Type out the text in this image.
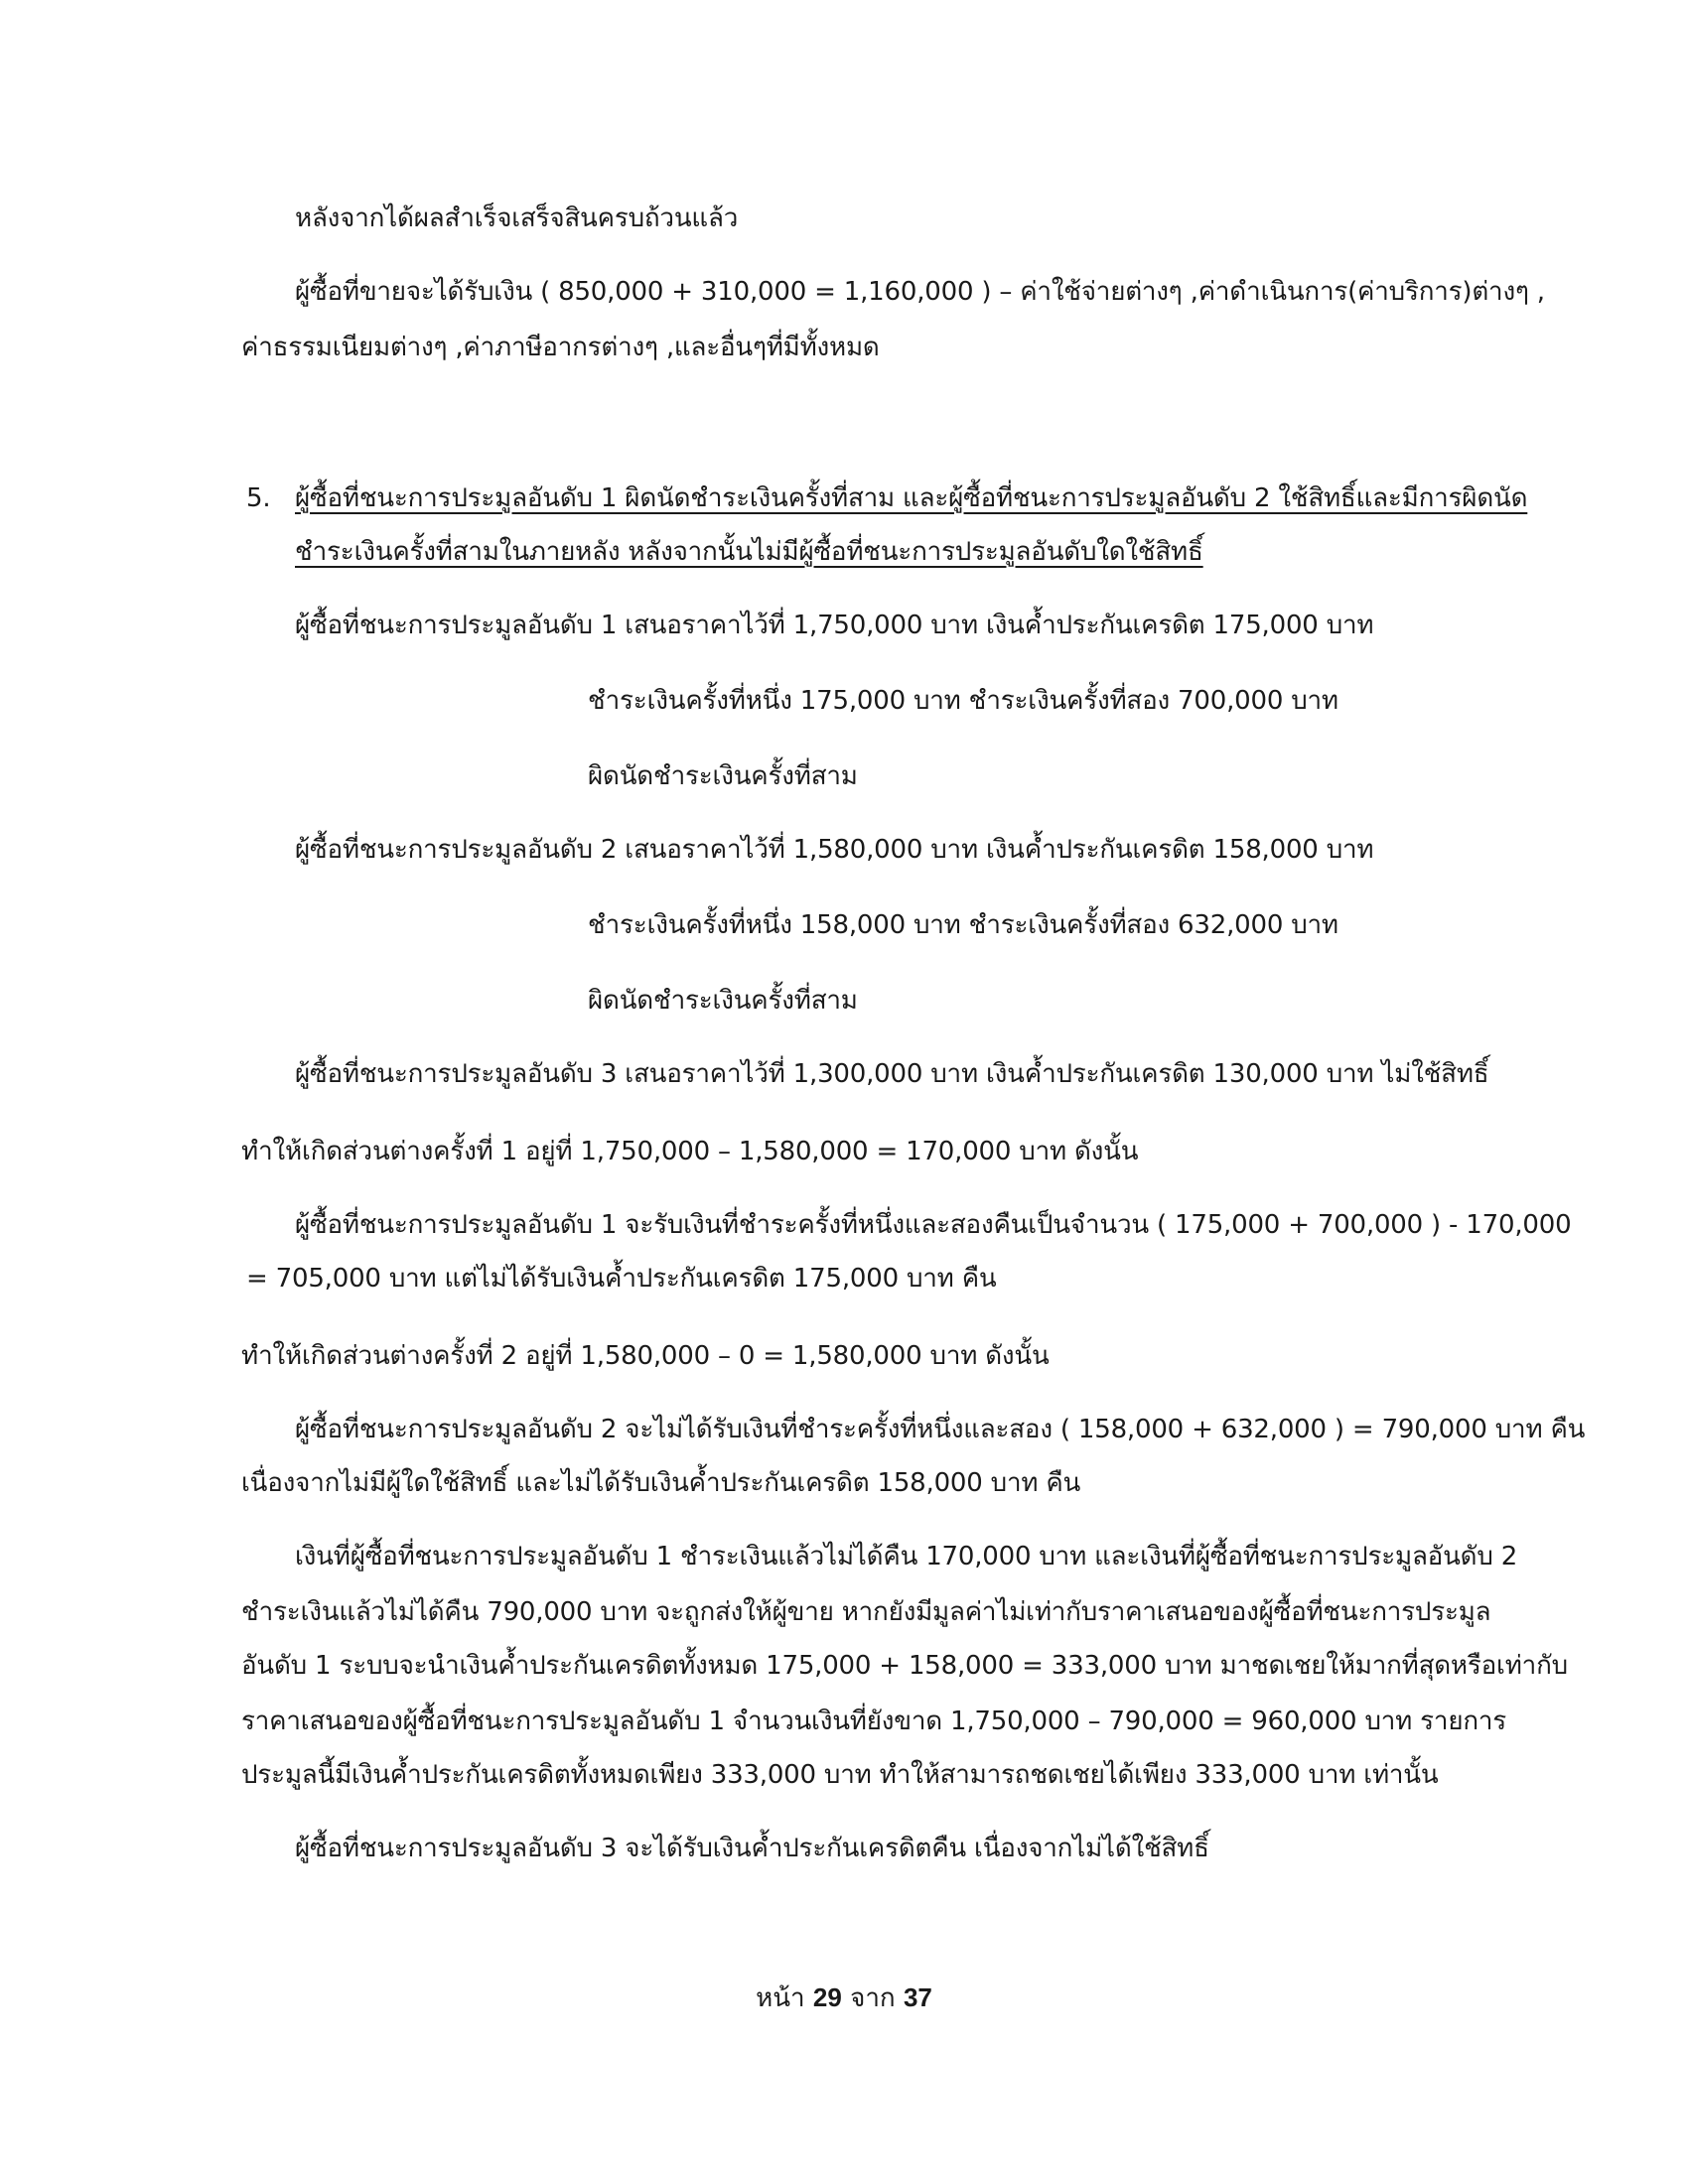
หลังจากได้ผลสำเร็จเสร็จสินครบถ้วนแล้ว
ผู้ซื้อที่ขายจะได้รับเงิน ( 850,000 + 310,000 = 1,160,000 ) – ค่าใช้จ่ายต่างๆ ,ค่าดำเนินการ(ค่าบริการ)ต่างๆ ,
ค่าธรรมเนียมต่างๆ ,ค่าภาษีอากรต่างๆ ,และอื่นๆที่มีทั้งหมด
5. ผู้ซื้อที่ชนะการประมูลอันดับ 1 ผิดนัดชำระเงินครั้งที่สาม และผู้ซื้อที่ชนะการประมูลอันดับ 2 ใช้สิทธิ์และมีการผิดนัด
ชำระเงินครั้งที่สามในภายหลัง หลังจากนั้นไม่มีผู้ซื้อที่ชนะการประมูลอันดับใดใช้สิทธิ์
ผู้ซื้อที่ชนะการประมูลอันดับ 1 เสนอราคาไว้ที่ 1,750,000 บาท เงินค้ำประกันเครดิต 175,000 บาท
ชำระเงินครั้งที่หนึ่ง 175,000 บาท ชำระเงินครั้งที่สอง 700,000 บาท
ผิดนัดชำระเงินครั้งที่สาม
ผู้ซื้อที่ชนะการประมูลอันดับ 2 เสนอราคาไว้ที่ 1,580,000 บาท เงินค้ำประกันเครดิต 158,000 บาท
ชำระเงินครั้งที่หนึ่ง 158,000 บาท ชำระเงินครั้งที่สอง 632,000 บาท
ผิดนัดชำระเงินครั้งที่สาม
ผู้ซื้อที่ชนะการประมูลอันดับ 3 เสนอราคาไว้ที่ 1,300,000 บาท เงินค้ำประกันเครดิต 130,000 บาท ไม่ใช้สิทธิ์
ทำให้เกิดส่วนต่างครั้งที่ 1 อยู่ที่ 1,750,000 – 1,580,000 = 170,000 บาท ดังนั้น
ผู้ซื้อที่ชนะการประมูลอันดับ 1 จะรับเงินที่ชำระครั้งที่หนึ่งและสองคืนเป็นจำนวน ( 175,000 + 700,000 ) - 170,000
= 705,000 บาท แต่ไม่ได้รับเงินค้ำประกันเครดิต 175,000 บาท คืน
ทำให้เกิดส่วนต่างครั้งที่ 2 อยู่ที่ 1,580,000 – 0 = 1,580,000 บาท ดังนั้น
ผู้ซื้อที่ชนะการประมูลอันดับ 2 จะไม่ได้รับเงินที่ชำระครั้งที่หนึ่งและสอง ( 158,000 + 632,000 ) = 790,000 บาท คืน
เนื่องจากไม่มีผู้ใดใช้สิทธิ์ และไม่ได้รับเงินค้ำประกันเครดิต 158,000 บาท คืน
เงินที่ผู้ซื้อที่ชนะการประมูลอันดับ 1 ชำระเงินแล้วไม่ได้คืน 170,000 บาท และเงินที่ผู้ซื้อที่ชนะการประมูลอันดับ 2
ชำระเงินแล้วไม่ได้คืน 790,000 บาท จะถูกส่งให้ผู้ขาย หากยังมีมูลค่าไม่เท่ากับราคาเสนอของผู้ซื้อที่ชนะการประมูล
อันดับ 1 ระบบจะนำเงินค้ำประกันเครดิตทั้งหมด 175,000 + 158,000 = 333,000 บาท มาชดเชยให้มากที่สุดหรือเท่ากับ
ราคาเสนอของผู้ซื้อที่ชนะการประมูลอันดับ 1 จำนวนเงินที่ยังขาด 1,750,000 – 790,000 = 960,000 บาท รายการ
ประมูลนี้มีเงินค้ำประกันเครดิตทั้งหมดเพียง 333,000 บาท ทำให้สามารถชดเชยได้เพียง 333,000 บาท เท่านั้น
ผู้ซื้อที่ชนะการประมูลอันดับ 3 จะได้รับเงินค้ำประกันเครดิตคืน เนื่องจากไม่ได้ใช้สิทธิ์
หน้า 29 จาก 37
